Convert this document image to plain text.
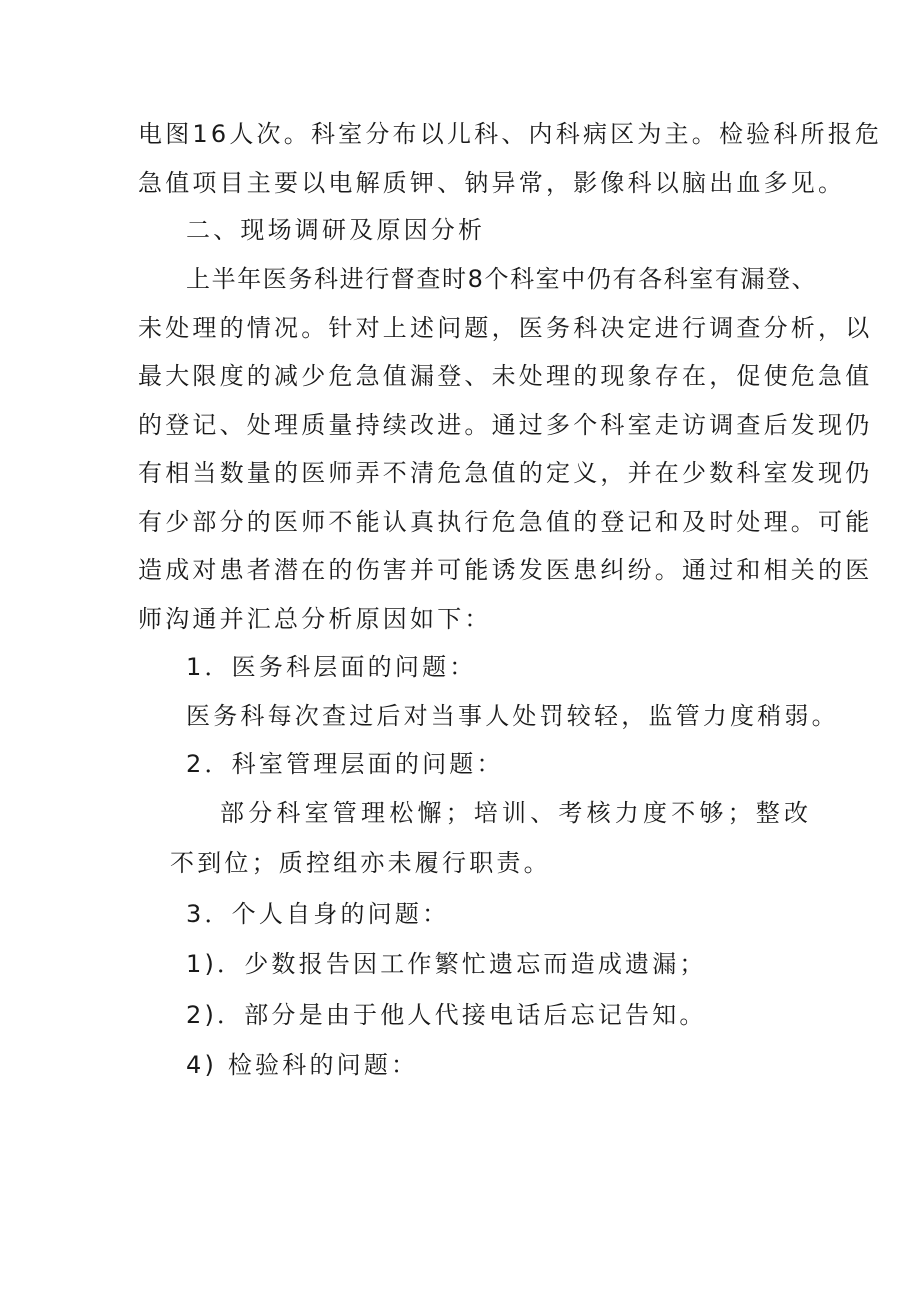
电图16人次。科室分布以儿科、内科病区为主。检验科所报危
急值项目主要以电解质钾、钠异常，影像科以脑出血多见。
二、现场调研及原因分析
上半年医务科进行督查时8个科室中仍有各科室有漏登、
未处理的情况。针对上述问题，医务科决定进行调查分析，以
最大限度的减少危急值漏登、未处理的现象存在，促使危急值
的登记、处理质量持续改进。通过多个科室走访调查后发现仍
有相当数量的医师弄不清危急值的定义，并在少数科室发现仍
有少部分的医师不能认真执行危急值的登记和及时处理。可能
造成对患者潜在的伤害并可能诱发医患纠纷。通过和相关的医
师沟通并汇总分析原因如下：
1．医务科层面的问题：
医务科每次查过后对当事人处罚较轻，监管力度稍弱。
2．科室管理层面的问题：
部分科室管理松懈；培训、考核力度不够；整改
不到位；质控组亦未履行职责。
3．个人自身的问题：
1)．少数报告因工作繁忙遗忘而造成遗漏；
2)．部分是由于他人代接电话后忘记告知。
4) 检验科的问题：
